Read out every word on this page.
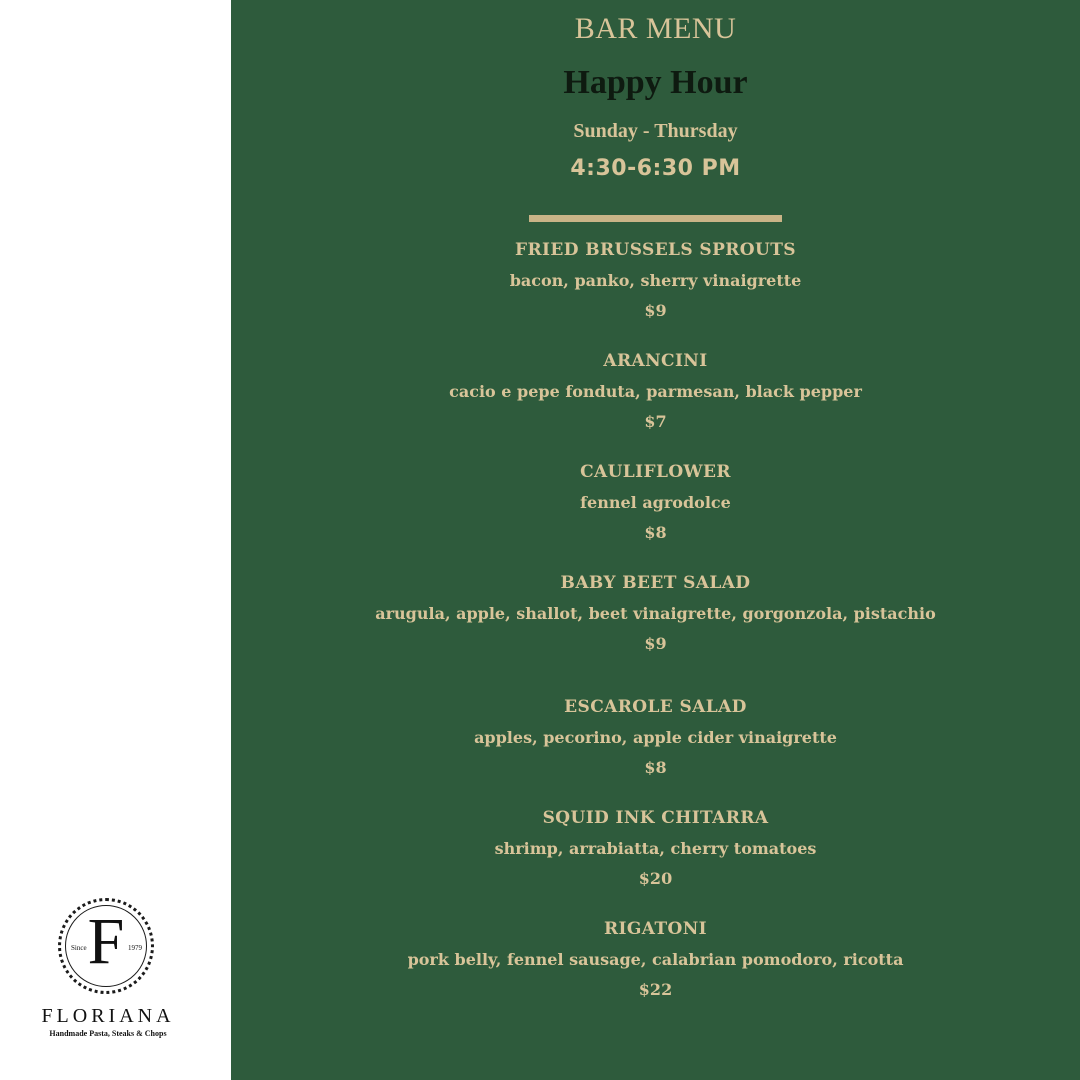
BAR MENU
Happy Hour
Sunday - Thursday
4:30-6:30 PM
FRIED BRUSSELS SPROUTS
bacon, panko, sherry vinaigrette
$9
ARANCINI
cacio e pepe fonduta, parmesan, black pepper
$7
CAULIFLOWER
fennel agrodolce
$8
BABY BEET SALAD
arugula, apple, shallot, beet vinaigrette, gorgonzola, pistachio
$9
ESCAROLE SALAD
apples, pecorino, apple cider vinaigrette
$8
SQUID INK CHITARRA
shrimp, arrabiatta, cherry tomatoes
$20
RIGATONI
pork belly, fennel sausage, calabrian pomodoro, ricotta
$22
F
Since	1979
FLORIANA
Handmade Pasta, Steaks & Chops
